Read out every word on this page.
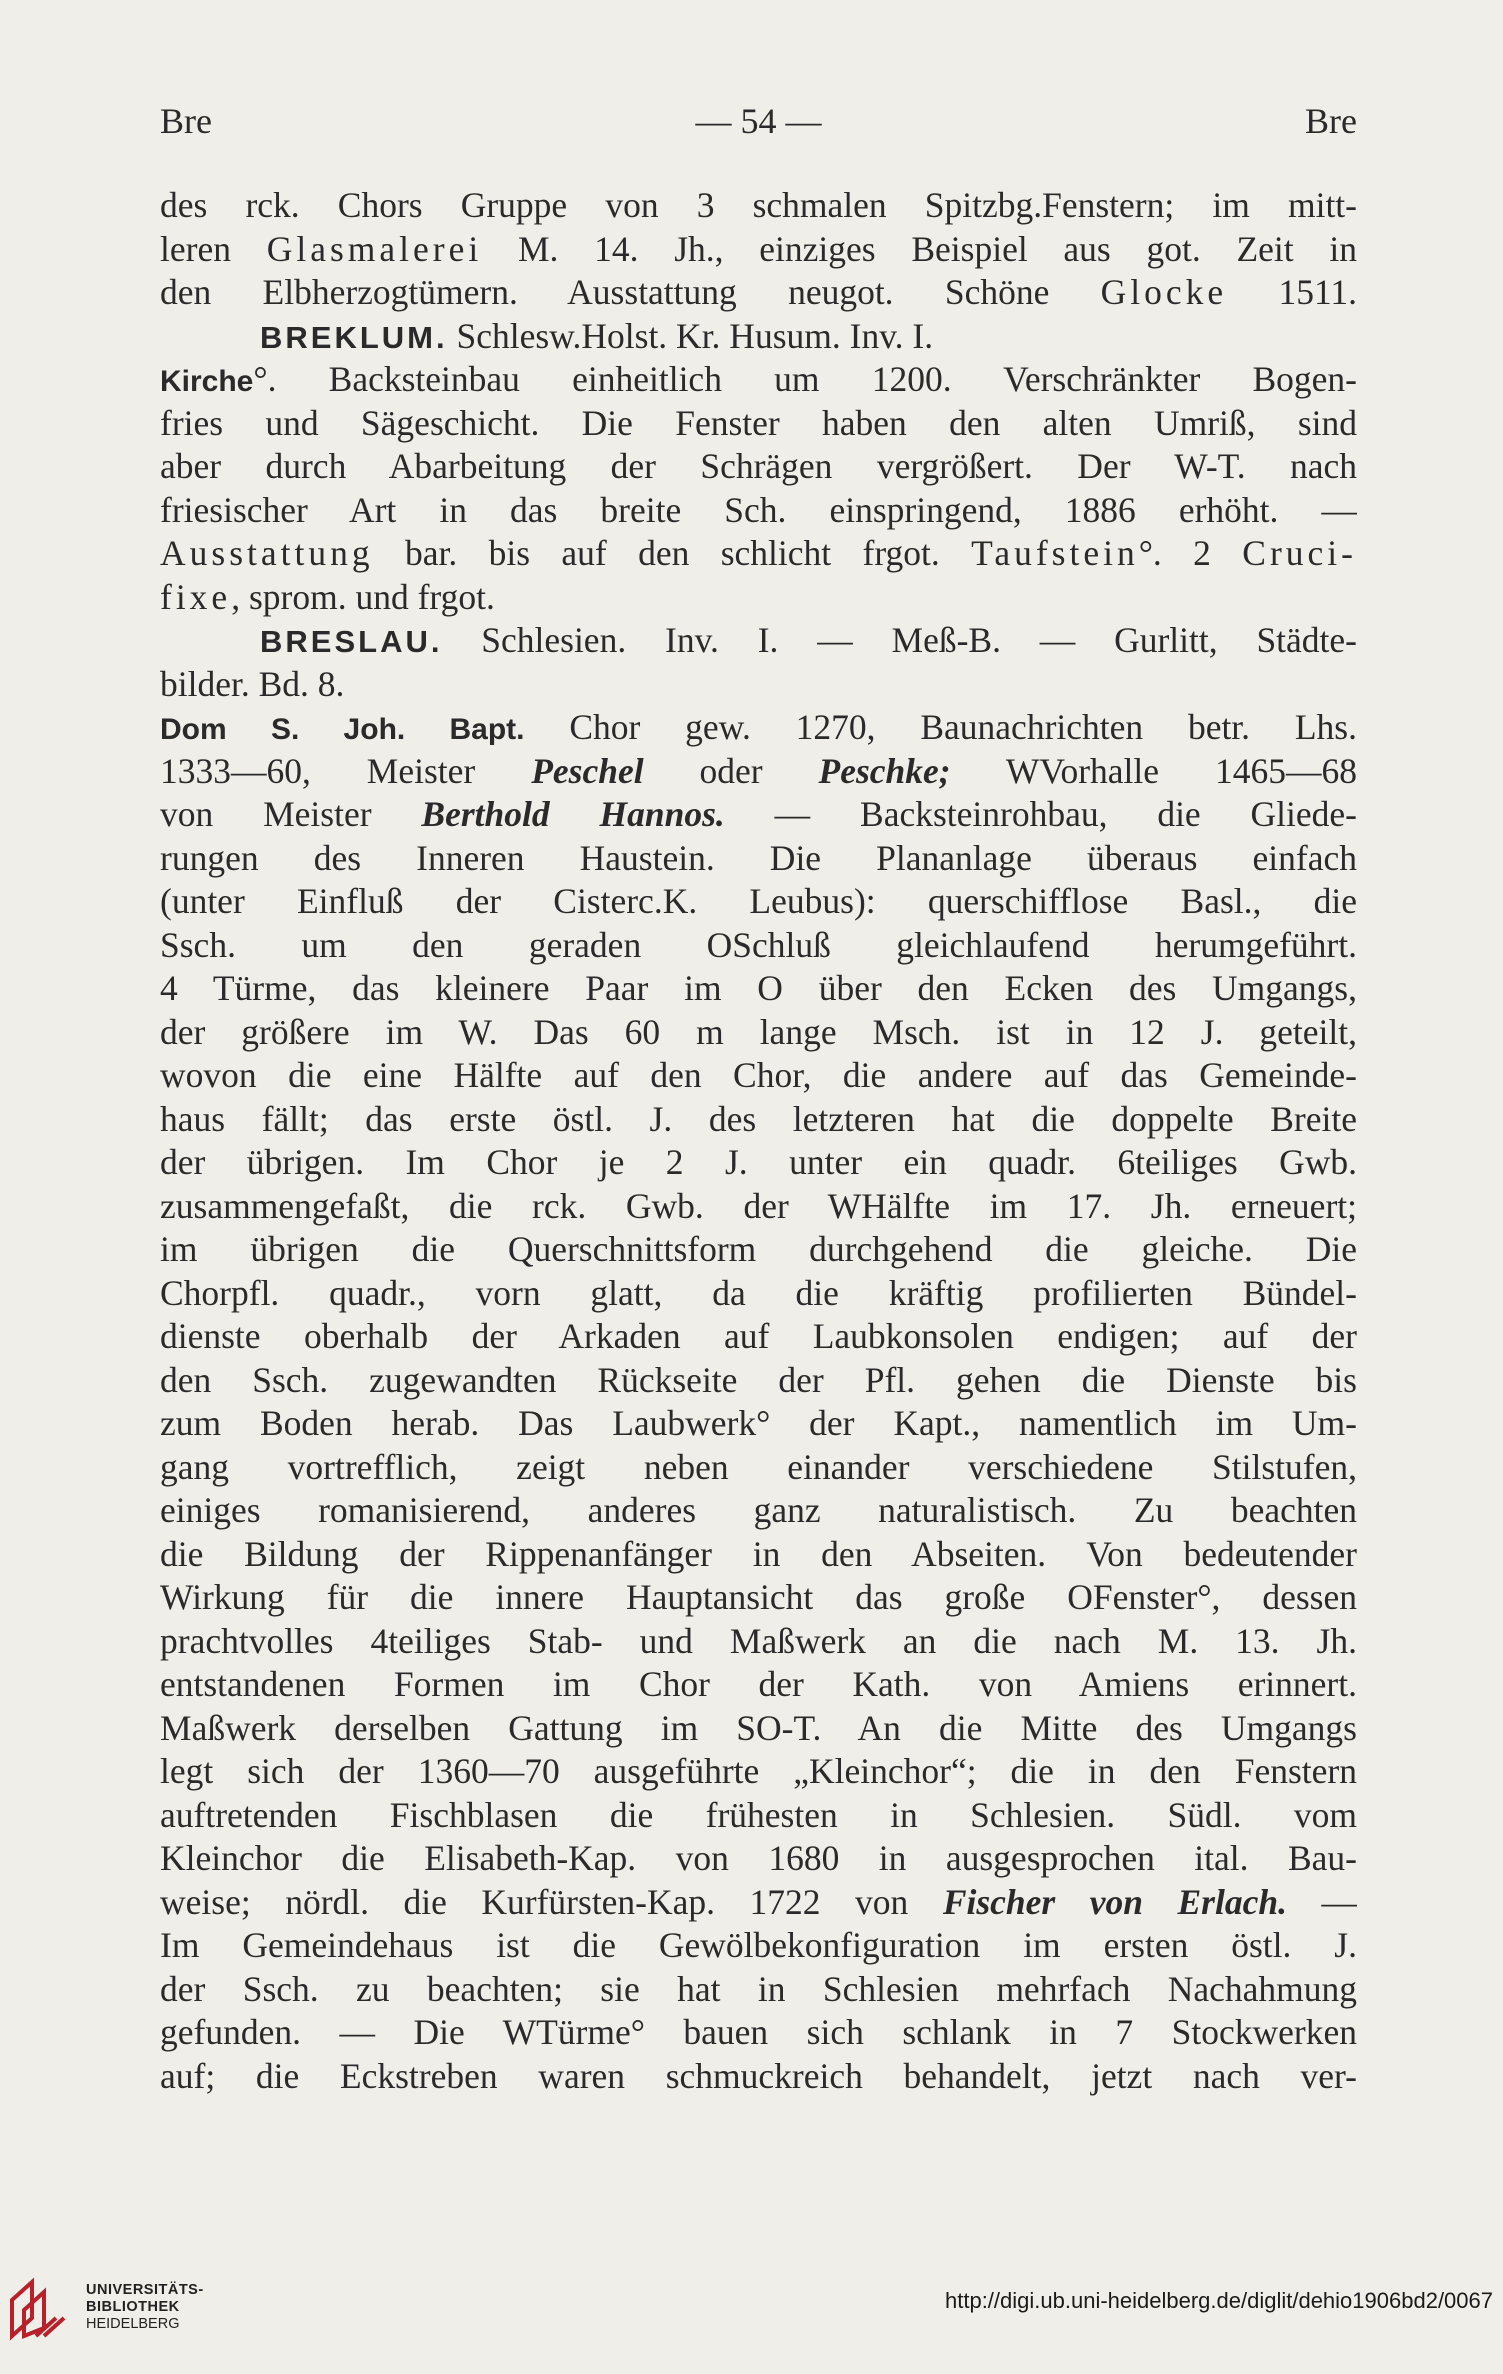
Bre	— 54 —	Bre
des rck. Chors Gruppe von 3 schmalen Spitzbg.Fenstern; im mitt-
leren Glasmalerei M. 14. Jh., einziges Beispiel aus got. Zeit in
den Elbherzogtümern. Ausstattung neugot. Schöne Glocke 1511.
BREKLUM. Schlesw.Holst. Kr. Husum. Inv. I.
Kirche°. Backsteinbau einheitlich um 1200. Verschränkter Bogen-
fries und Sägeschicht. Die Fenster haben den alten Umriß, sind
aber durch Abarbeitung der Schrägen vergrößert. Der W-T. nach
friesischer Art in das breite Sch. einspringend, 1886 erhöht. —
Ausstattung bar. bis auf den schlicht frgot. Taufstein°. 2 Cruci-
fixe, sprom. und frgot.
BRESLAU. Schlesien. Inv. I. — Meß-B. — Gurlitt, Städte-
bilder. Bd. 8.
Dom S. Joh. Bapt. Chor gew. 1270, Baunachrichten betr. Lhs.
1333—60, Meister Peschel oder Peschke; WVorhalle 1465—68
von Meister Berthold Hannos. — Backsteinrohbau, die Gliede-
rungen des Inneren Haustein. Die Plananlage überaus einfach
(unter Einfluß der Cisterc.K. Leubus): querschifflose Basl., die
Ssch. um den geraden OSchluß gleichlaufend herumgeführt.
4 Türme, das kleinere Paar im O über den Ecken des Umgangs,
der größere im W. Das 60 m lange Msch. ist in 12 J. geteilt,
wovon die eine Hälfte auf den Chor, die andere auf das Gemeinde-
haus fällt; das erste östl. J. des letzteren hat die doppelte Breite
der übrigen. Im Chor je 2 J. unter ein quadr. 6teiliges Gwb.
zusammengefaßt, die rck. Gwb. der WHälfte im 17. Jh. erneuert;
im übrigen die Querschnittsform durchgehend die gleiche. Die
Chorpfl. quadr., vorn glatt, da die kräftig profilierten Bündel-
dienste oberhalb der Arkaden auf Laubkonsolen endigen; auf der
den Ssch. zugewandten Rückseite der Pfl. gehen die Dienste bis
zum Boden herab. Das Laubwerk° der Kapt., namentlich im Um-
gang vortrefflich, zeigt neben einander verschiedene Stilstufen,
einiges romanisierend, anderes ganz naturalistisch. Zu beachten
die Bildung der Rippenanfänger in den Abseiten. Von bedeutender
Wirkung für die innere Hauptansicht das große OFenster°, dessen
prachtvolles 4teiliges Stab- und Maßwerk an die nach M. 13. Jh.
entstandenen Formen im Chor der Kath. von Amiens erinnert.
Maßwerk derselben Gattung im SO-T. An die Mitte des Umgangs
legt sich der 1360—70 ausgeführte „Kleinchor“; die in den Fenstern
auftretenden Fischblasen die frühesten in Schlesien. Südl. vom
Kleinchor die Elisabeth-Kap. von 1680 in ausgesprochen ital. Bau-
weise; nördl. die Kurfürsten-Kap. 1722 von Fischer von Erlach. —
Im Gemeindehaus ist die Gewölbekonfiguration im ersten östl. J.
der Ssch. zu beachten; sie hat in Schlesien mehrfach Nachahmung
gefunden. — Die WTürme° bauen sich schlank in 7 Stockwerken
auf; die Eckstreben waren schmuckreich behandelt, jetzt nach ver-
UNIVERSITÄTS-
BIBLIOTHEK
HEIDELBERG
http://digi.ub.uni-heidelberg.de/diglit/dehio1906bd2/0067
